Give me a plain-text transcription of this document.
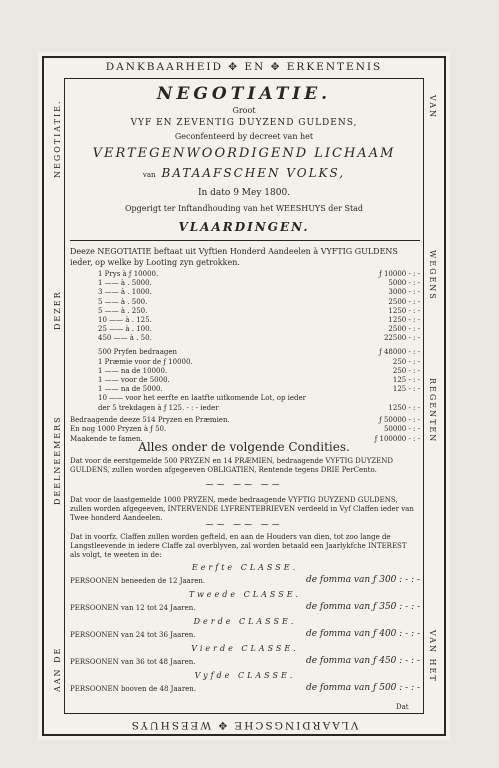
DANKBAARHEID ✥ EN ✥ ERKENTENIS
VLAARDINGSCHE ✥ WEESHUYS
NEGOTIATIE.
DEZER
DEELNEEMERS
AAN DE
VAN
WEGENS
REGENTEN
VAN HET
NEGOTIATIE.
Groot
VYF EN ZEVENTIG DUYZEND GULDENS,
Geconfenteerd by decreet van het
VERTEGENWOORDIGEND LICHAAM
van BATAAFSCHEN VOLKS,
In dato 9 Mey 1800.
Opgerigt ter Inftandhouding van het WEESHUYS der Stad
VLAARDINGEN.
Deeze NEGOTIATIE beftaat uit Vyftien Honderd Aandeelen à VYFTIG GULDENS ieder, op welke by Looting zyn getrokken.
1 Prys à ƒ 10000.	ƒ 10000 - : -
1 —— à . 5000.	5000 - : -
3 —— à . 1000.	3000 - : -
5 —— à . 500.	2500 - : -
5 —— à . 250.	1250 - : -
10 —— à . 125.	1250 - : -
25 —— à . 100.	2500 - : -
450 —— à . 50.	22500 - : -
500 Pryfen bedraagen	ƒ 48000 - : -
1 Præmie voor de ƒ 10000.	250 - : -
1 —— na de 10000.	250 - : -
1 —— voor de 5000.	125 - : -
1 —— na de 5000.	125 - : -
10 —— voor het eerfte en laatfte uitkomende Lot, op ieder
der 5 trekdagen à ƒ 125. - : - ieder	1250 - : -
Bedraagende deeze 514 Pryzen en Præmien.	ƒ 50000 - : -
En nog 1000 Pryzen à ƒ 50.	50000 - : -
Maakende te famen.	ƒ 100000 - : -
Alles onder de volgende Condities.
Dat voor de eerstgemelde 500 PRYZEN en 14 PRÆMIEN, bedraagende VYFTIG DUYZEND GULDENS, zullen worden afgegeeven OBLIGATIEN, Rentende tegens DRIE PerCento.
⁓⁓ ⁓⁓ ⁓⁓
Dat voor de laastgemelde 1000 PRYZEN, mede bedraagende VYFTIG DUYZEND GULDENS, zullen worden afgegeeven, INTERVENDE LYFRENTEBRIEVEN verdeeld in Vyf Claffen ieder van Twee honderd Aandeelen.
⁓⁓ ⁓⁓ ⁓⁓
Dat in voorfz. Claffen zullen worden gefteld, en aan de Houders van dien, tot zoo lange de Langstleevende in iedere Claffe zal overblyven, zal worden betaald een Jaarlykfche INTEREST als volgt, te weeten in de:
Eerfte CLASSE.
PERSOONEN beneeden de 12 Jaaren.	de fomma van ƒ 300 : - : -
Tweede CLASSE.
PERSOONEN van 12 tot 24 Jaaren.	de fomma van ƒ 350 : - : -
Derde CLASSE.
PERSOONEN van 24 tot 36 Jaaren.	de fomma van ƒ 400 : - : -
Vierde CLASSE.
PERSOONEN van 36 tot 48 Jaaren.	de fomma van ƒ 450 : - : -
Vyfde CLASSE.
PERSOONEN booven de 48 Jaaren.	de fomma van ƒ 500 : - : -
Dat
